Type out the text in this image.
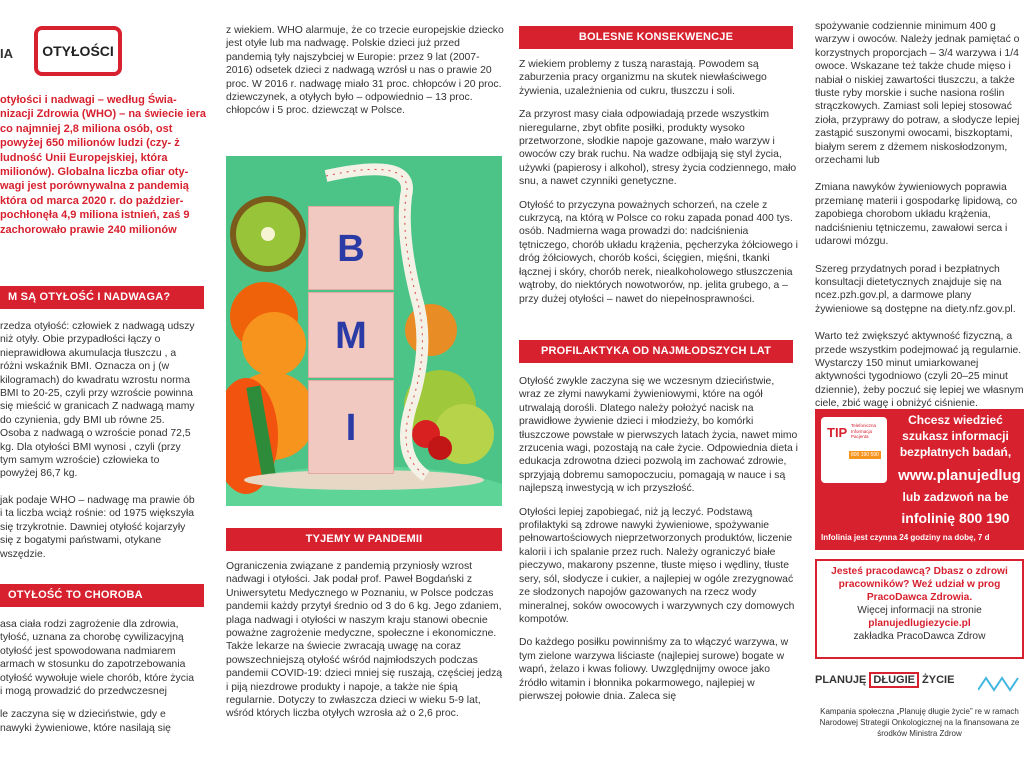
OTYŁOŚCI
IA
otyłości i nadwagi – według Świa- nizacji Zdrowia (WHO) – na świecie iera co najmniej 2,8 miliona osób, ost powyżej 650 milionów ludzi (czy- ż ludność Unii Europejskiej, która milionów). Globalna liczba ofiar oty- wagi jest porównywalna z pandemią która od marca 2020 r. do paździer- pochłonęła 4,9 miliona istnień, zaś 9 zachorowało prawie 240 milionów
M SĄ OTYŁOŚĆ I NADWAGA?

rzedza otyłość: człowiek z nadwagą udszy niż otyły. Obie przypadłości łączy o nieprawidłowa akumulacja tłuszczu , a różni wskaźnik BMI. Oznacza on j (w kilogramach) do kwadratu wzrostu norma BMI to 20-25, czyli przy wzroście powinna się mieścić w granicach Z nadwagą mamy do czynienia, gdy BMI ub równe 25. Osoba z nadwagą o wzroście ponad 72,5 kg. Dla otyłości BMI wynosi , czyli (przy tym samym wzroście) człowieka to powyżej 86,7 kg.

jak podaje WHO – nadwagę ma prawie ób i ta liczba wciąż rośnie: od 1975 większyła się trzykrotnie. Dawniej otyłość kojarzyły się z bogatymi państwami, otykane wszędzie.

OTYŁOŚĆ TO CHOROBA

asa ciała rodzi zagrożenie dla zdrowia, tyłość, uznana za chorobę cywilizacyjną otyłość jest spowodowana nadmiarem armach w stosunku do zapotrzebowania otyłość wywołuje wiele chorób, które życia i mogą prowadzić do przedwczesnej

le zaczyna się w dzieciństwie, gdy e nawyki żywieniowe, które nasilają się

z wiekiem. WHO alarmuje, że co trzecie europejskie dziecko jest otyłe lub ma nadwagę. Polskie dzieci już przed pandemią tyły najszybciej w Europie: przez 9 lat (2007-2016) odsetek dzieci z nadwagą wzrósł u nas o prawie 20 proc. W 2016 r. nadwagę miało 31 proc. chłopców i 20 proc. dziewczynek, a otyłych było – odpowiednio – 13 proc. chłopców i 5 proc. dziewcząt w Polsce.

B
M
I
TYJEMY W PANDEMII

Ograniczenia związane z pandemią przyniosły wzrost nadwagi i otyłości. Jak podał prof. Paweł Bogdański z Uniwersytetu Medycznego w Poznaniu, w Polsce podczas pandemii każdy przytył średnio od 3 do 6 kg. Jego zdaniem, plaga nadwagi i otyłości w naszym kraju stanowi obecnie poważne zagrożenie medyczne, społeczne i ekonomiczne. Także lekarze na świecie zwracają uwagę na coraz powszechniejszą otyłość wśród najmłodszych podczas pandemii COVID-19: dzieci mniej się ruszają, częściej jedzą i piją niezdrowe produkty i napoje, a także nie śpią regularnie. Dotyczy to zwłaszcza dzieci w wieku 5-9 lat, wśród których liczba otyłych wzrosła aż o 2,6 proc.

BOLESNE KONSEKWENCJE

Z wiekiem problemy z tuszą narastają. Powodem są zaburzenia pracy organizmu na skutek niewłaściwego żywienia, uzależnienia od cukru, tłuszczu i soli.

Za przyrost masy ciała odpowiadają przede wszystkim nieregularne, zbyt obfite posiłki, produkty wysoko przetworzone, słodkie napoje gazowane, mało warzyw i owoców czy brak ruchu. Na wadze odbijają się styl życia, używki (papierosy i alkohol), stresy życia codziennego, mało snu, a nawet czynniki genetyczne.

Otyłość to przyczyna poważnych schorzeń, na czele z cukrzycą, na którą w Polsce co roku zapada ponad 400 tys. osób. Nadmierna waga prowadzi do: nadciśnienia tętniczego, chorób układu krążenia, pęcherzyka żółciowego i dróg żółciowych, chorób kości, ścięgien, mięśni, tkanki łącznej i skóry, chorób nerek, niealkoholowego stłuszczenia wątroby, do niektórych nowotworów, np. jelita grubego, a – przy dużej otyłości – nawet do niepełnosprawności.

PROFILAKTYKA OD NAJMŁODSZYCH LAT

Otyłość zwykle zaczyna się we wczesnym dzieciństwie, wraz ze złymi nawykami żywieniowymi, które na ogół utrwalają dorośli. Dlatego należy położyć nacisk na prawidłowe żywienie dzieci i młodzieży, bo komórki tłuszczowe powstałe w pierwszych latach życia, nawet mimo zrzucenia wagi, pozostają na całe życie. Odpowiednia dieta i edukacja zdrowotna dzieci pozwolą im zachować zdrowie, sprzyjają dobremu samopoczuciu, pomagają w nauce i są najlepszą inwestycją w ich przyszłość.

Otyłości lepiej zapobiegać, niż ją leczyć. Podstawą profilaktyki są zdrowe nawyki żywieniowe, spożywanie pełnowartościowych nieprzetworzonych produktów, liczenie kalorii i ich spalanie przez ruch. Należy ograniczyć białe pieczywo, makarony pszenne, tłuste mięso i wędliny, tłuste sery, sól, słodycze i cukier, a najlepiej w ogóle zrezygnować ze słodzonych napojów gazowanych na rzecz wody mineralnej, soków owocowych i warzywnych czy domowych kompotów.

Do każdego posiłku powinniśmy za to włączyć warzywa, w tym zielone warzywa liściaste (najlepiej surowe) bogate w wapń, żelazo i kwas foliowy. Uwzględnijmy owoce jako źródło witamin i błonnika pokarmowego, najlepiej w pierwszej połowie dnia. Zaleca się

spożywanie codziennie minimum 400 g warzyw i owoców. Należy jednak pamiętać o korzystnych proporcjach – 3/4 warzywa i 1/4 owoce. Wskazane też także chude mięso i nabiał o niskiej zawartości tłuszczu, a także tłuste ryby morskie i suche nasiona roślin strączkowych. Zamiast soli lepiej stosować zioła, przyprawy do potraw, a słodycze lepiej zastąpić suszonymi owocami, biszkoptami, białym serem z dżemem niskosłodzonym, orzechami lub

Zmiana nawyków żywieniowych poprawia przemianę materii i gospodarkę lipidową, co zapobiega chorobom układu krążenia, nadciśnieniu tętniczemu, zawałowi serca i udarowi mózgu.

Szereg przydatnych porad i bezpłatnych konsultacji dietetycznych znajduje się na ncez.pzh.gov.pl, a darmowe plany żywieniowe są dostępne na diety.nfz.gov.pl.

Warto też zwiększyć aktywność fizyczną, a przede wszystkim podejmować ją regularnie. Wystarczy 150 minut umiarkowanej aktywności tygodniowo (czyli 20–25 minut dziennie), żeby poczuć się lepiej we własnym ciele, zbić wagę i obniżyć ciśnienie.

TIP Telefoniczna Informacja Pacjenta
800 190 590
Chcesz wiedzieć
szukasz informacji
bezpłatnych badań,
www.planujedlug
lub zadzwoń na be
infolinię 800 190
Infolinia jest czynna 24 godziny na dobę, 7 d
Jesteś pracodawcą? Dbasz o zdrowi pracowników? Weź udział w prog PracoDawca Zdrowia.
Więcej informacji na stronie
planujedlugiezycie.pl
zakładka PracoDawca Zdrow
PLANUJĘ DŁUGIE ŻYCIE
Kampania społeczna „Planuję długie życie” re w ramach Narodowej Strategii Onkologicznej na la finansowana ze środków Ministra Zdrow
